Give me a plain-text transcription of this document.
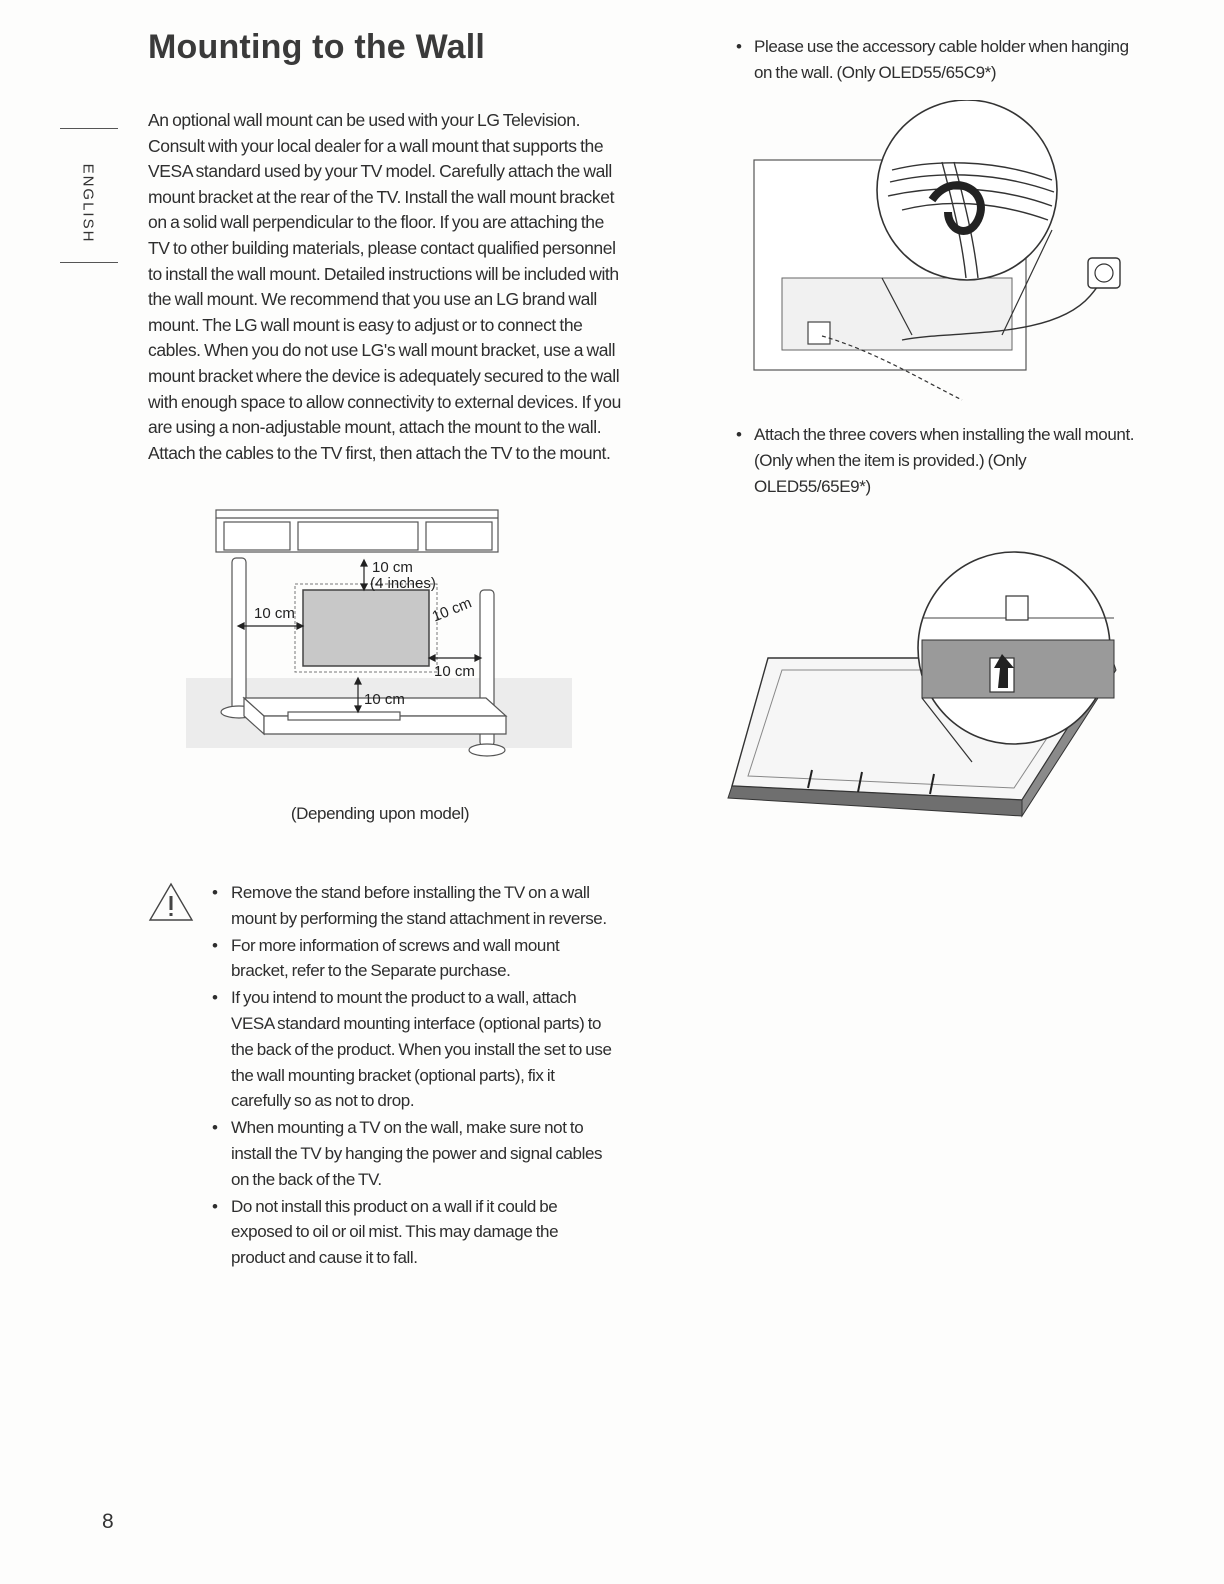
ENGLISH
Mounting to the Wall

An optional wall mount can be used with your LG Television. Consult with your local dealer for a wall mount that supports the VESA standard used by your TV model. Carefully attach the wall mount bracket at the rear of the TV. Install the wall mount bracket on a solid wall perpendicular to the floor. If you are attaching the TV to other building materials, please contact qualified personnel to install the wall mount. Detailed instructions will be included with the wall mount. We recommend that you use an LG brand wall mount. The LG wall mount is easy to adjust or to connect the cables. When you do not use LG's wall mount bracket, use a wall mount bracket where the device is adequately secured to the wall with enough space to allow connectivity to external devices. If you are using a non-adjustable mount, attach the mount to the wall. Attach the cables to the TV first, then attach the TV to the mount.

10 cm
(4 inches)
10 cm	10 cm
10 cm
10 cm
(Depending upon model)
• Remove the stand before installing the TV on a wall mount by performing the stand attachment in reverse.
• For more information of screws and wall mount bracket, refer to the Separate purchase.
• If you intend to mount the product to a wall, attach VESA standard mounting interface (optional parts) to the back of the product. When you install the set to use the wall mounting bracket (optional parts), fix it carefully so as not to drop.
• When mounting a TV on the wall, make sure not to install the TV by hanging the power and signal cables on the back of the TV.
• Do not install this product on a wall if it could be exposed to oil or oil mist. This may damage the product and cause it to fall.

• Please use the accessory cable holder when hanging on the wall. (Only OLED55/65C9*)

• Attach the three covers when installing the wall mount. (Only when the item is provided.) (Only OLED55/65E9*)

8
